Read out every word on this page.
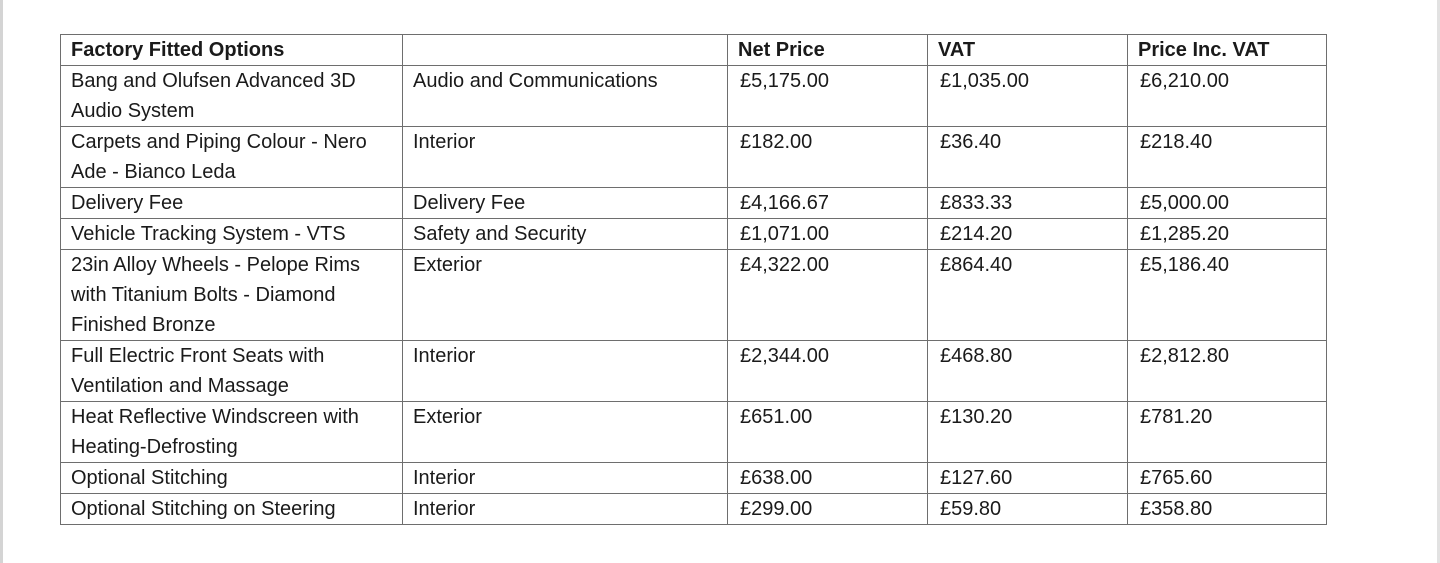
Factory Fitted Options		Net Price	VAT	Price Inc. VAT
Bang and Olufsen Advanced 3D Audio System	Audio and Communications	£5,175.00	£1,035.00	£6,210.00
Carpets and Piping Colour - Nero Ade - Bianco Leda	Interior	£182.00	£36.40	£218.40
Delivery Fee	Delivery Fee	£4,166.67	£833.33	£5,000.00
Vehicle Tracking System - VTS	Safety and Security	£1,071.00	£214.20	£1,285.20
23in Alloy Wheels - Pelope Rims with Titanium Bolts - Diamond Finished Bronze	Exterior	£4,322.00	£864.40	£5,186.40
Full Electric Front Seats with Ventilation and Massage	Interior	£2,344.00	£468.80	£2,812.80
Heat Reflective Windscreen with Heating-Defrosting	Exterior	£651.00	£130.20	£781.20
Optional Stitching	Interior	£638.00	£127.60	£765.60
Optional Stitching on Steering	Interior	£299.00	£59.80	£358.80
